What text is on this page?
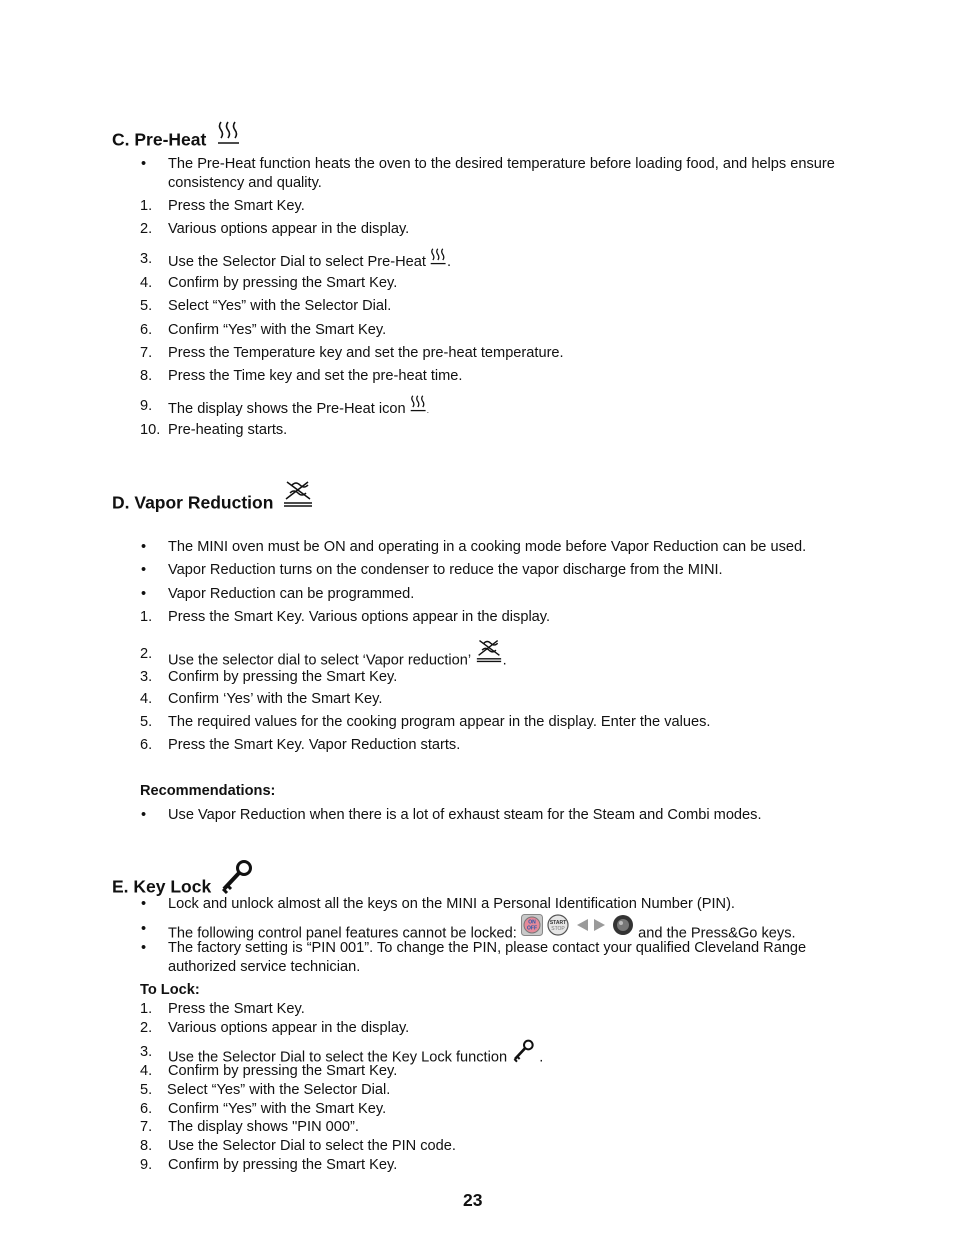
C. Pre-Heat
• The Pre-Heat function heats the oven to the desired temperature before loading food, and helps ensure consistency and quality.
1. Press the Smart Key.
2. Various options appear in the display.
3. Use the Selector Dial to select Pre-Heat .
4. Confirm by pressing the Smart Key.
5. Select “Yes” with the Selector Dial.
6. Confirm “Yes” with the Smart Key.
7. Press the Temperature key and set the pre-heat temperature.
8. Press the Time key and set the pre-heat time.
9. The display shows the Pre-Heat icon	.
10. Pre-heating starts.
D. Vapor Reduction
• The MINI oven must be ON and operating in a cooking mode before Vapor Reduction can be used.
• Vapor Reduction turns on the condenser to reduce the vapor discharge from the MINI.
• Vapor Reduction can be programmed.
1. Press the Smart Key. Various options appear in the display.
2. Use the selector dial to select ‘Vapor reduction’ .
3. Confirm by pressing the Smart Key.
4. Confirm ‘Yes’ with the Smart Key.
5. The required values for the cooking program appear in the display. Enter the values.
6. Press the Smart Key. Vapor Reduction starts.
Recommendations:
• Use Vapor Reduction when there is a lot of exhaust steam for the Steam and Combi modes.
E. Key Lock
• Lock and unlock almost all the keys on the MINI a Personal Identification Number (PIN).
• The following control panel features cannot be locked:
ON
OFF

START
STOP	and the Press&Go keys.
• The factory setting is “PIN 001”. To change the PIN, please contact your qualified Cleveland Range authorized service technician.
To Lock:
1. Press the Smart Key.
2. Various options appear in the display.
3. Use the Selector Dial to select the Key Lock function .
4. Confirm by pressing the Smart Key.
5. Select “Yes” with the Selector Dial.
6. Confirm “Yes” with the Smart Key.
7. The display shows "PIN 000”.
8. Use the Selector Dial to select the PIN code.
9. Confirm by pressing the Smart Key.
23
